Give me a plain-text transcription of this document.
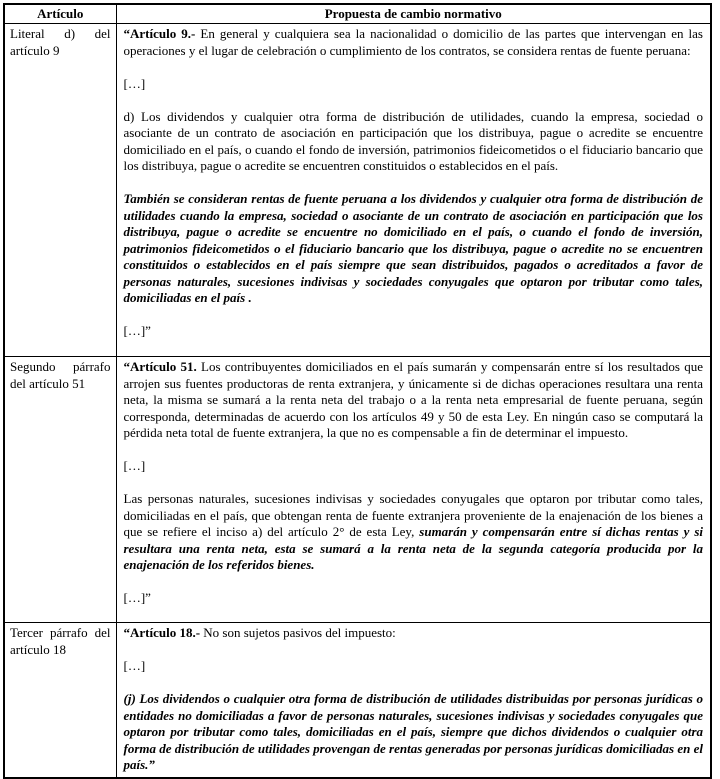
Artículo	Propuesta de cambio normativo
Literal d) del artículo 9	“Artículo 9.- En general y cualquiera sea la nacionalidad o domicilio de las partes que intervengan en las operaciones y el lugar de celebración o cumplimiento de los contratos, se considera rentas de fuente peruana:

[…]

d) Los dividendos y cualquier otra forma de distribución de utilidades, cuando la empresa, sociedad o asociante de un contrato de asociación en participación que los distribuya, pague o acredite se encuentre domiciliado en el país, o cuando el fondo de inversión, patrimonios fideicometidos o el fiduciario bancario que los distribuya, pague o acredite se encuentren constituidos o establecidos en el país.

También se consideran rentas de fuente peruana a los dividendos y cualquier otra forma de distribución de utilidades cuando la empresa, sociedad o asociante de un contrato de asociación en participación que los distribuya, pague o acredite se encuentre no domiciliado en el país, o cuando el fondo de inversión, patrimonios fideicometidos o el fiduciario bancario que los distribuya, pague o acredite no se encuentren constituidos o establecidos en el país siempre que sean distribuidos, pagados o acreditados a favor de personas naturales, sucesiones indivisas y sociedades conyugales que optaron por tributar como tales, domiciliadas en el país .

[…]”

Segundo párrafo del artículo 51	“Artículo 51. Los contribuyentes domiciliados en el país sumarán y compensarán entre sí los resultados que arrojen sus fuentes productoras de renta extranjera, y únicamente si de dichas operaciones resultara una renta neta, la misma se sumará a la renta neta del trabajo o a la renta neta empresarial de fuente peruana, según corresponda, determinadas de acuerdo con los artículos 49 y 50 de esta Ley. En ningún caso se computará la pérdida neta total de fuente extranjera, la que no es compensable a fin de determinar el impuesto.

[…]

Las personas naturales, sucesiones indivisas y sociedades conyugales que optaron por tributar como tales, domiciliadas en el país, que obtengan renta de fuente extranjera proveniente de la enajenación de los bienes a que se refiere el inciso a) del artículo 2° de esta Ley, sumarán y compensarán entre sí dichas rentas y si resultara una renta neta, esta se sumará a la renta neta de la segunda categoría producida por la enajenación de los referidos bienes.

[…]”

Tercer párrafo del artículo 18	“Artículo 18.- No son sujetos pasivos del impuesto:

[…]

(j) Los dividendos o cualquier otra forma de distribución de utilidades distribuidas por personas jurídicas o entidades no domiciliadas a favor de personas naturales, sucesiones indivisas y sociedades conyugales que optaron por tributar como tales, domiciliadas en el país, siempre que dichos dividendos o cualquier otra forma de distribución de utilidades provengan de rentas generadas por personas jurídicas domiciliadas en el país.”
